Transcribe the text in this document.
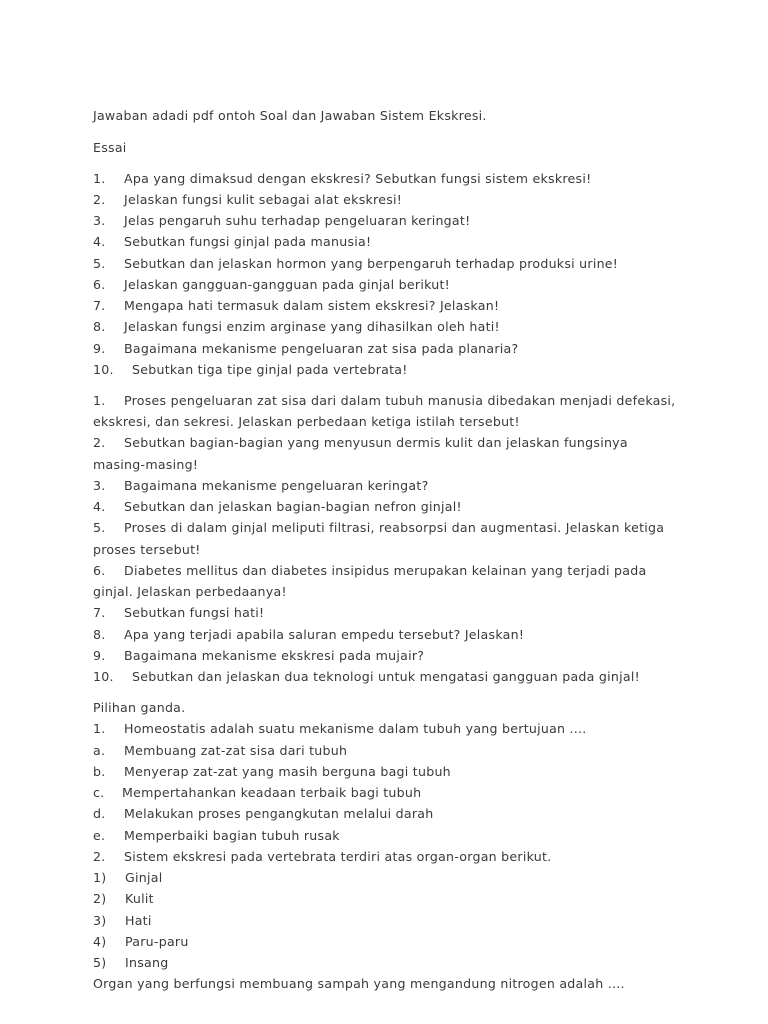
Jawaban adadi pdf ontoh Soal dan Jawaban Sistem Ekskresi.
Essai
1. Apa yang dimaksud dengan ekskresi? Sebutkan fungsi sistem ekskresi!
2. Jelaskan fungsi kulit sebagai alat ekskresi!
3. Jelas pengaruh suhu terhadap pengeluaran keringat!
4. Sebutkan fungsi ginjal pada manusia!
5. Sebutkan dan jelaskan hormon yang berpengaruh terhadap produksi urine!
6. Jelaskan gangguan-gangguan pada ginjal berikut!
7. Mengapa hati termasuk dalam sistem ekskresi? Jelaskan!
8. Jelaskan fungsi enzim arginase yang dihasilkan oleh hati!
9. Bagaimana mekanisme pengeluaran zat sisa pada planaria?
10. Sebutkan tiga tipe ginjal pada vertebrata!
1. Proses pengeluaran zat sisa dari dalam tubuh manusia dibedakan menjadi defekasi,
ekskresi, dan sekresi. Jelaskan perbedaan ketiga istilah tersebut!
2. Sebutkan bagian-bagian yang menyusun dermis kulit dan jelaskan fungsinya
masing-masing!
3. Bagaimana mekanisme pengeluaran keringat?
4. Sebutkan dan jelaskan bagian-bagian nefron ginjal!
5. Proses di dalam ginjal meliputi filtrasi, reabsorpsi dan augmentasi. Jelaskan ketiga
proses tersebut!
6. Diabetes mellitus dan diabetes insipidus merupakan kelainan yang terjadi pada
ginjal. Jelaskan perbedaanya!
7. Sebutkan fungsi hati!
8. Apa yang terjadi apabila saluran empedu tersebut? Jelaskan!
9. Bagaimana mekanisme ekskresi pada mujair?
10. Sebutkan dan jelaskan dua teknologi untuk mengatasi gangguan pada ginjal!
Pilihan ganda.
1. Homeostatis adalah suatu mekanisme dalam tubuh yang bertujuan ....
a. Membuang zat-zat sisa dari tubuh
b. Menyerap zat-zat yang masih berguna bagi tubuh
c. Mempertahankan keadaan terbaik bagi tubuh
d. Melakukan proses pengangkutan melalui darah
e. Memperbaiki bagian tubuh rusak
2. Sistem ekskresi pada vertebrata terdiri atas organ-organ berikut.
1) Ginjal
2) Kulit
3) Hati
4) Paru-paru
5) Insang
Organ yang berfungsi membuang sampah yang mengandung nitrogen adalah ....
